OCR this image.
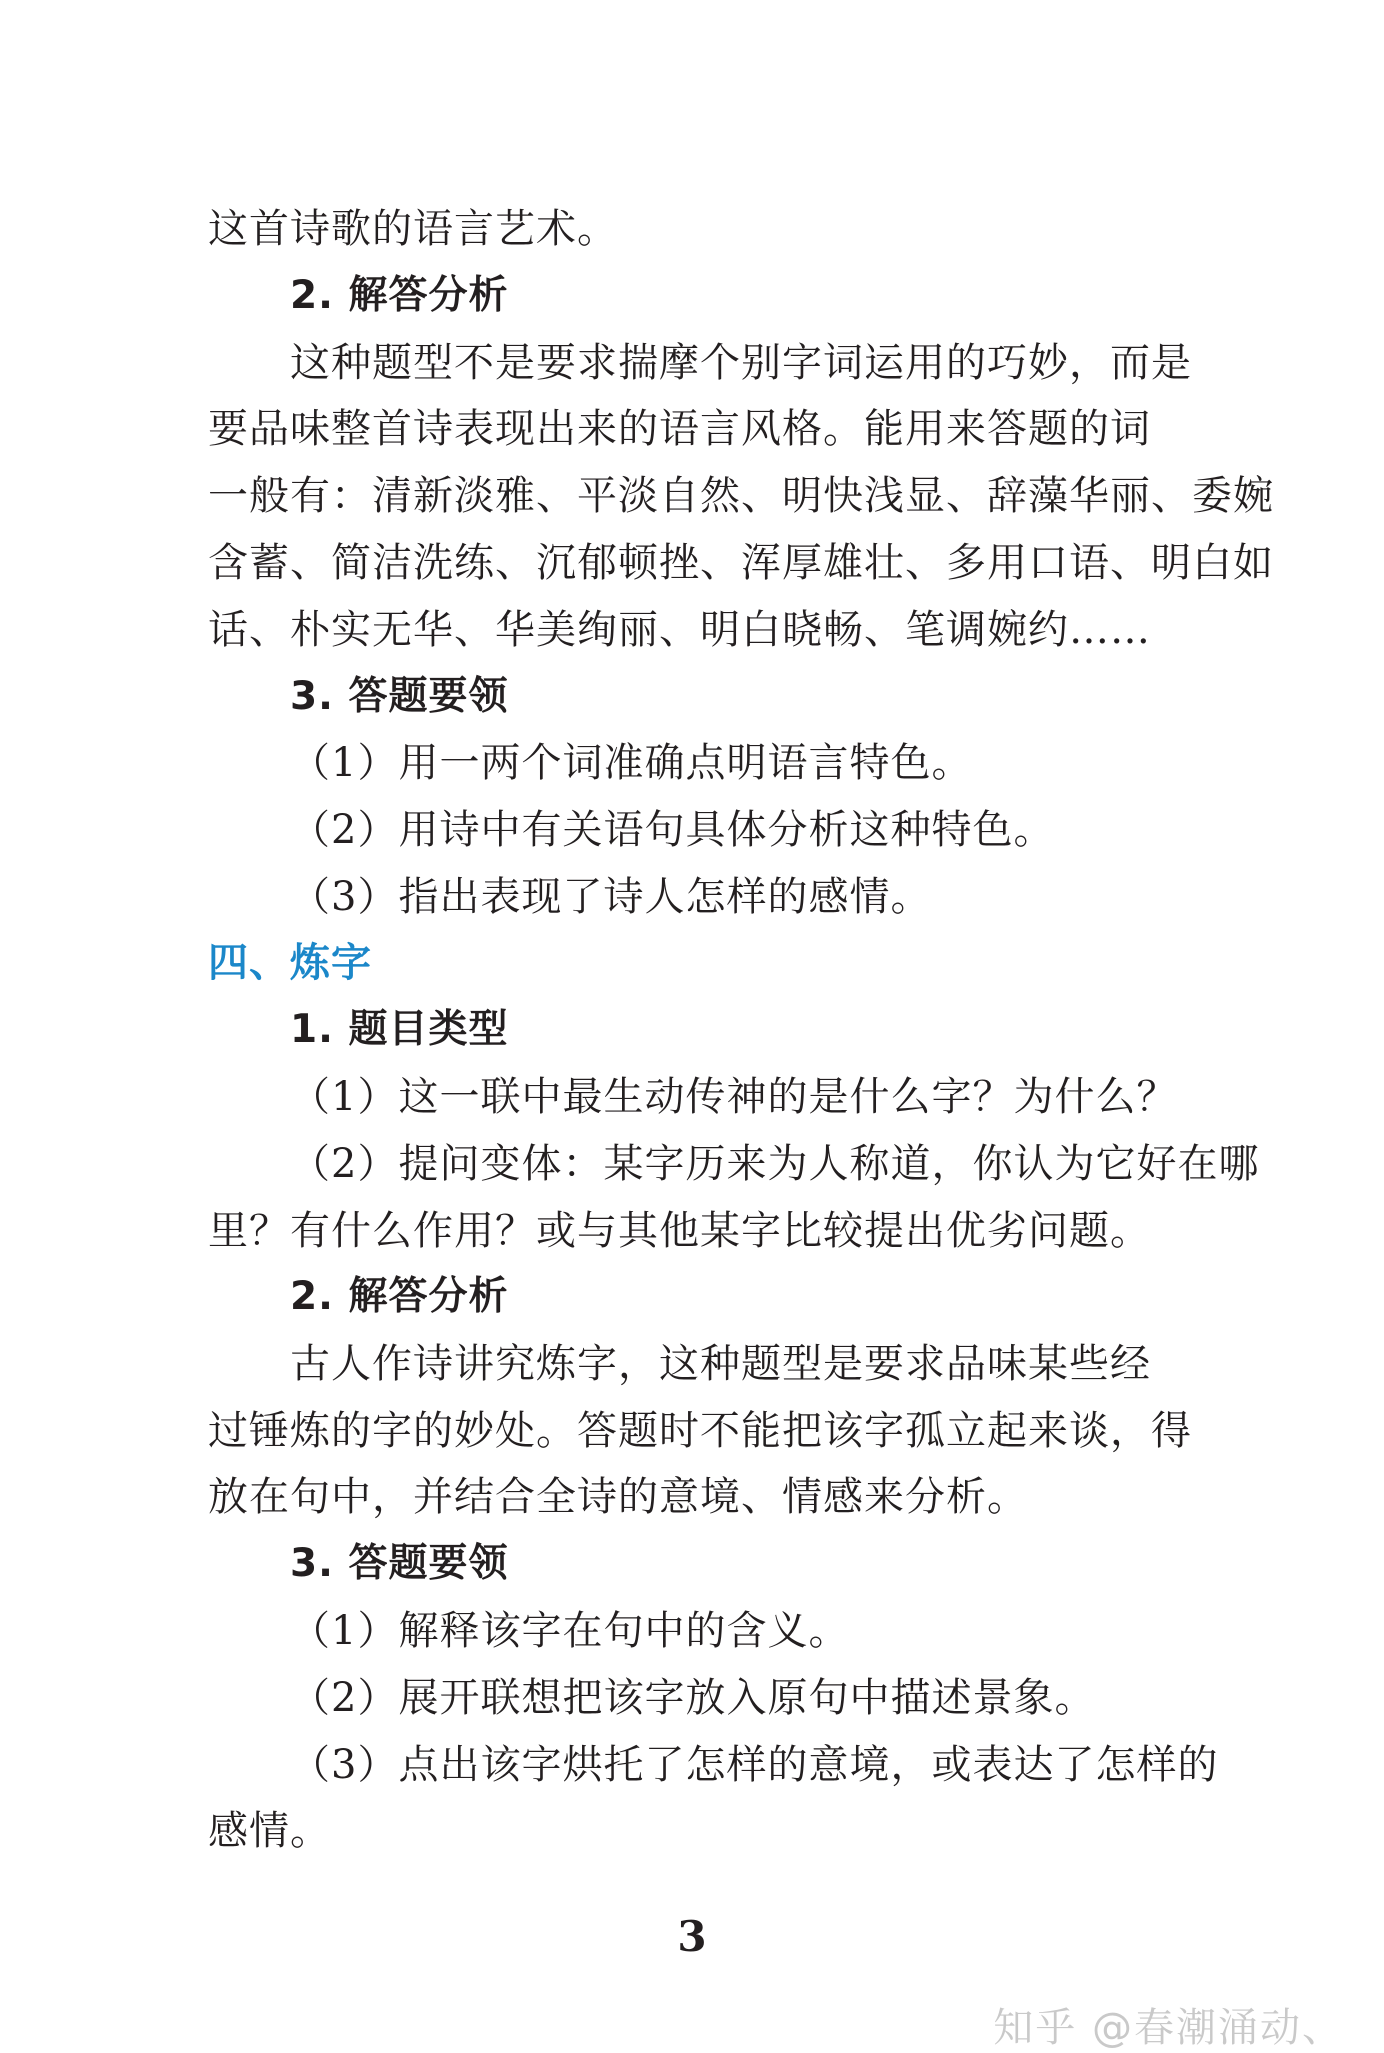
这首诗歌的语言艺术。
2. 解答分析
这种题型不是要求揣摩个别字词运用的巧妙，而是
要品味整首诗表现出来的语言风格。能用来答题的词
一般有：清新淡雅、平淡自然、明快浅显、辞藻华丽、委婉
含蓄、简洁洗练、沉郁顿挫、浑厚雄壮、多用口语、明白如
话、朴实无华、华美绚丽、明白晓畅、笔调婉约……
3. 答题要领
（1）用一两个词准确点明语言特色。
（2）用诗中有关语句具体分析这种特色。
（3）指出表现了诗人怎样的感情。
四、炼字
1. 题目类型
（1）这一联中最生动传神的是什么字？为什么？
（2）提问变体：某字历来为人称道，你认为它好在哪
里？有什么作用？或与其他某字比较提出优劣问题。
2. 解答分析
古人作诗讲究炼字，这种题型是要求品味某些经
过锤炼的字的妙处。答题时不能把该字孤立起来谈，得
放在句中，并结合全诗的意境、情感来分析。
3. 答题要领
（1）解释该字在句中的含义。
（2）展开联想把该字放入原句中描述景象。
（3）点出该字烘托了怎样的意境，或表达了怎样的
感情。
3
知乎 @春潮涌动、
